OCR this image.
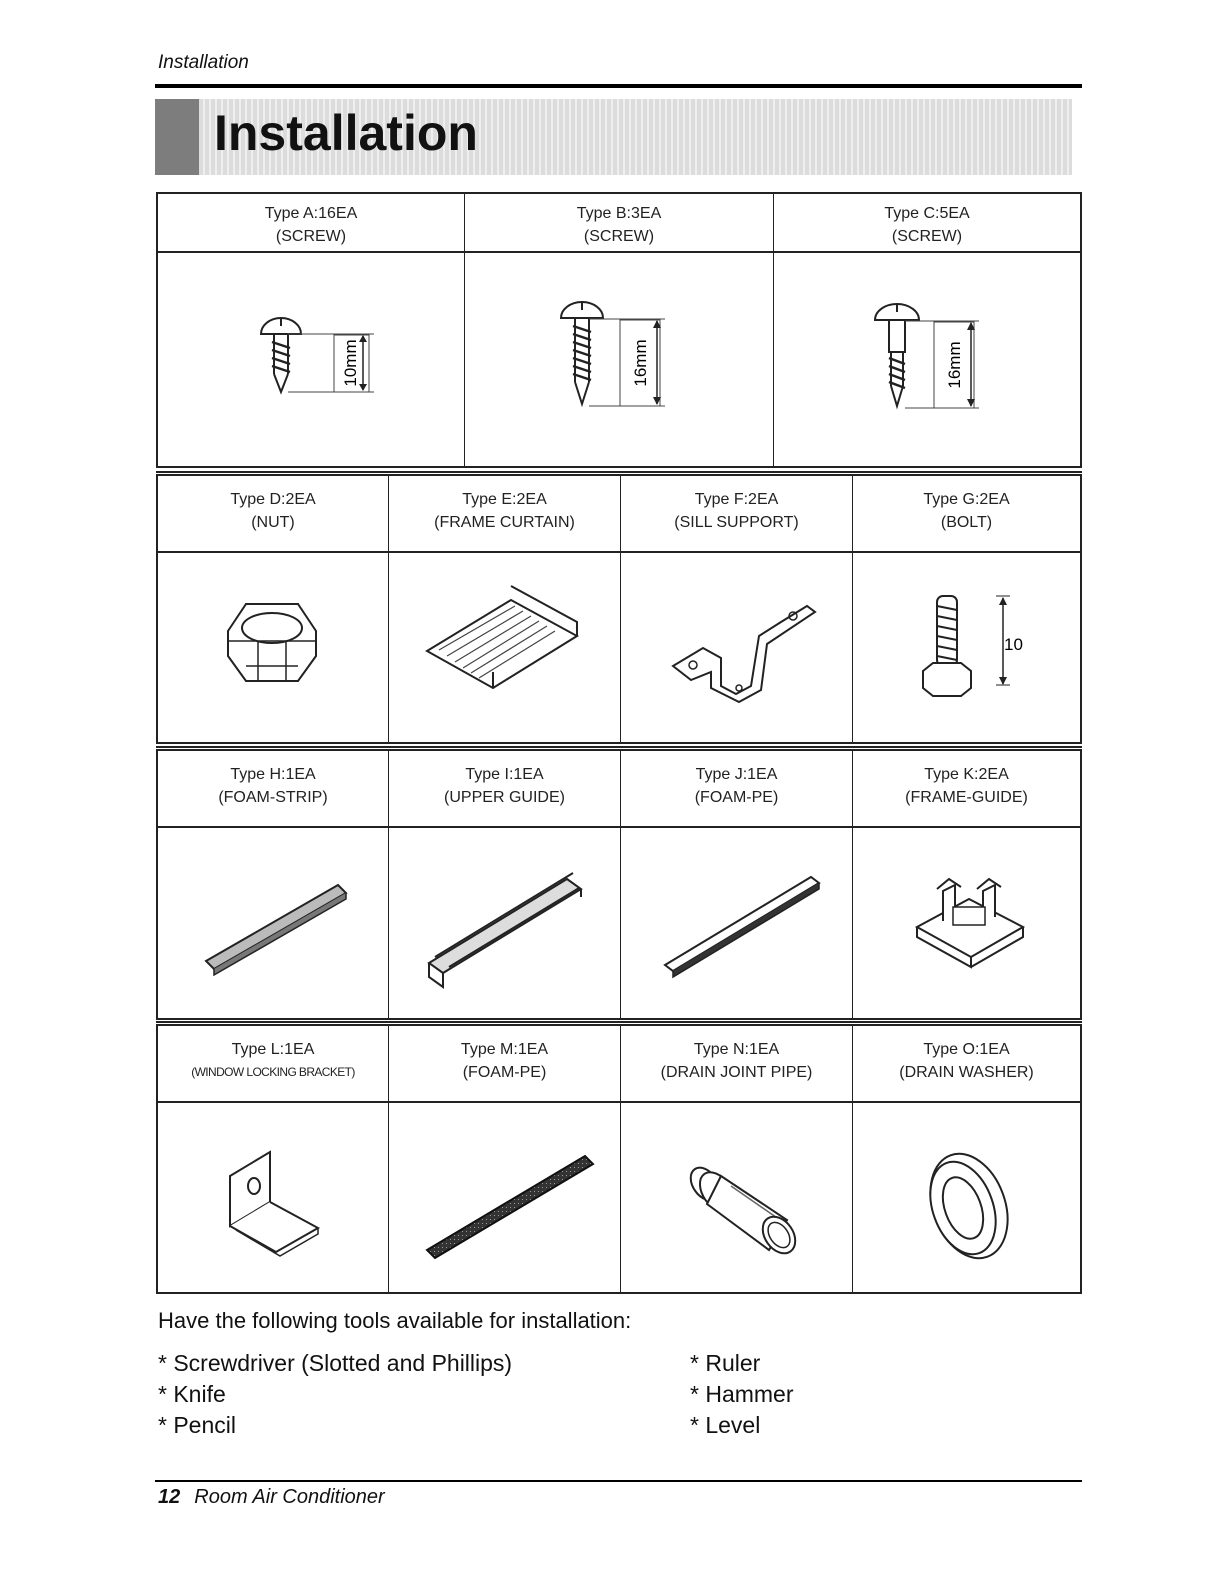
Installation
Installation
Type A:16EA
(SCREW)
10mm
Type B:3EA
(SCREW)
16mm
Type C:5EA
(SCREW)
16mm
Type D:2EA
(NUT)
Type E:2EA
(FRAME CURTAIN)
Type F:2EA
(SILL SUPPORT)
Type G:2EA
(BOLT)
10
Type H:1EA
(FOAM-STRIP)
Type I:1EA
(UPPER GUIDE)
Type J:1EA
(FOAM-PE)
Type K:2EA
(FRAME-GUIDE)
Type L:1EA
(WINDOW LOCKING BRACKET)
Type M:1EA
(FOAM-PE)
Type N:1EA
(DRAIN JOINT PIPE)
Type O:1EA
(DRAIN WASHER)
Have the following tools available for installation:
* Screwdriver (Slotted and Phillips)
* Knife
* Pencil
* Ruler
* Hammer
* Level
12 Room Air Conditioner
